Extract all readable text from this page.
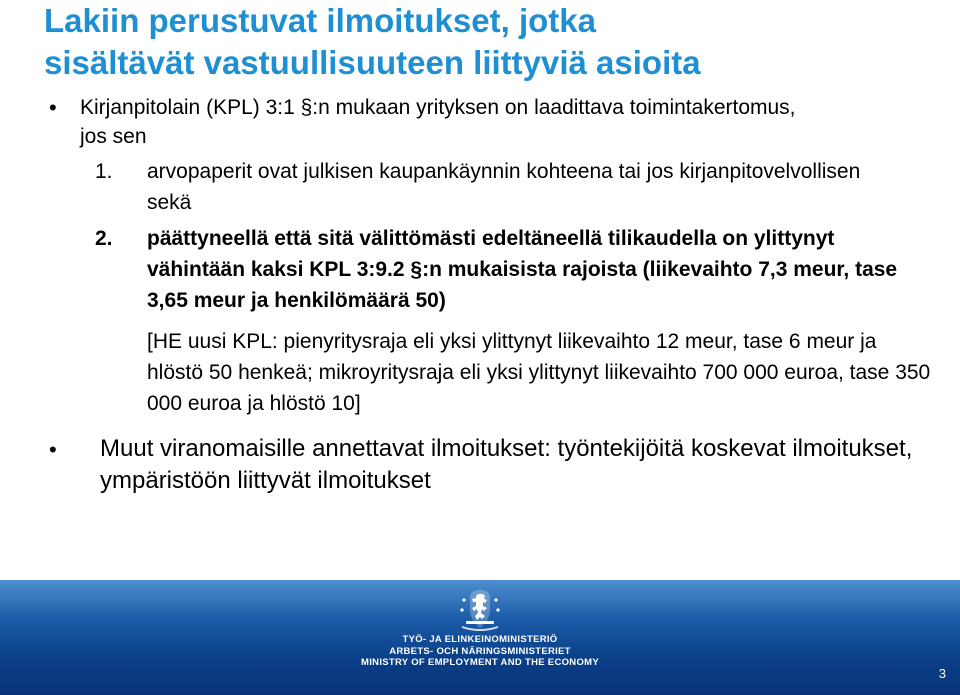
Lakiin perustuvat ilmoitukset, jotka
sisältävät vastuullisuuteen liittyviä asioita
• Kirjanpitolain (KPL) 3:1 §:n mukaan yrityksen on laadittava toimintakertomus, jos sen
1. arvopaperit ovat julkisen kaupankäynnin kohteena tai jos kirjanpitovelvollisen sekä
2. päättyneellä että sitä välittömästi edeltäneellä tilikaudella on ylittynyt vähintään kaksi KPL 3:9.2 §:n mukaisista rajoista (liikevaihto 7,3 meur, tase 3,65 meur ja henkilömäärä 50)
[HE uusi KPL: pienyritysraja eli yksi ylittynyt liikevaihto 12 meur, tase 6 meur ja hlöstö 50 henkeä; mikroyritysraja eli yksi ylittynyt liikevaihto 700 000 euroa, tase 350 000 euroa ja hlöstö 10]
• Muut viranomaisille annettavat ilmoitukset: työntekijöitä koskevat ilmoitukset, ympäristöön liittyvät ilmoitukset
TYÖ- JA ELINKEINOMINISTERIÖ
ARBETS- OCH NÄRINGSMINISTERIET
MINISTRY OF EMPLOYMENT AND THE ECONOMY
3
